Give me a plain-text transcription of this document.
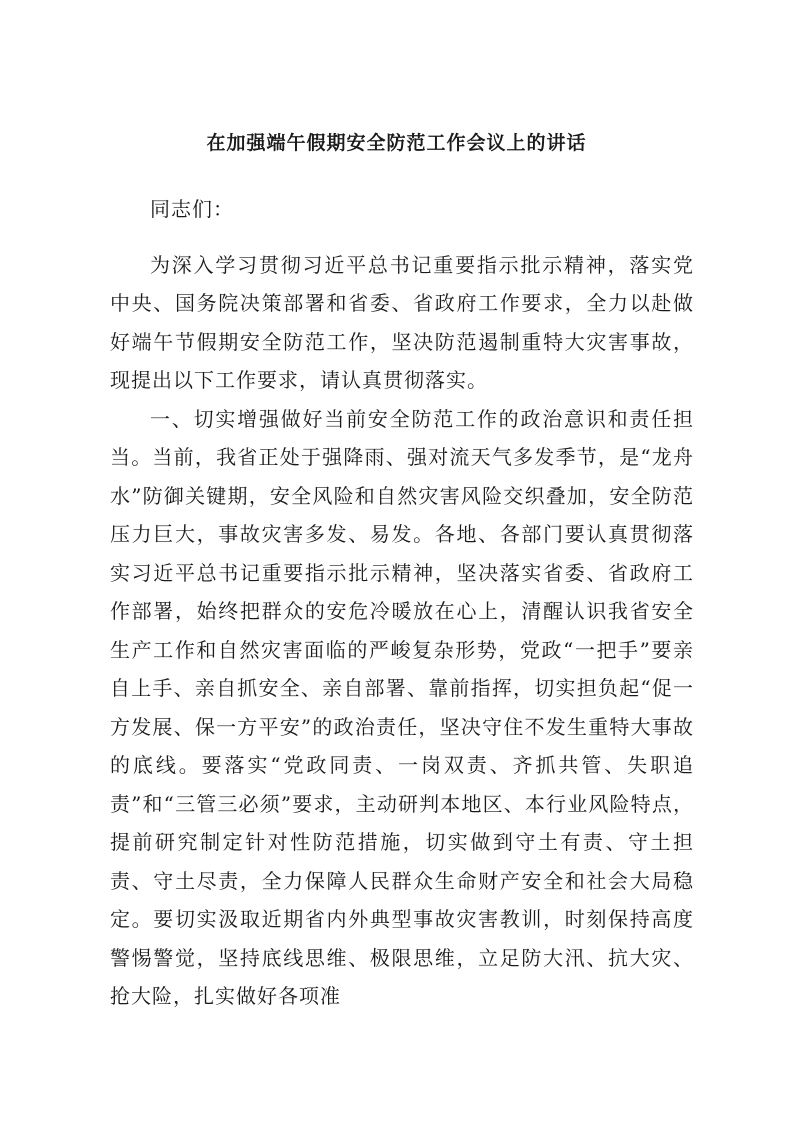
在加强端午假期安全防范工作会议上的讲话

同志们：

为深入学习贯彻习近平总书记重要指示批示精神，落实党中央、国务院决策部署和省委、省政府工作要求，全力以赴做好端午节假期安全防范工作，坚决防范遏制重特大灾害事故，现提出以下工作要求，请认真贯彻落实。

一、切实增强做好当前安全防范工作的政治意识和责任担当。当前，我省正处于强降雨、强对流天气多发季节，是“龙舟水”防御关键期，安全风险和自然灾害风险交织叠加，安全防范压力巨大，事故灾害多发、易发。各地、各部门要认真贯彻落实习近平总书记重要指示批示精神，坚决落实省委、省政府工作部署，始终把群众的安危冷暖放在心上，清醒认识我省安全生产工作和自然灾害面临的严峻复杂形势，党政“一把手”要亲自上手、亲自抓安全、亲自部署、靠前指挥，切实担负起“促一方发展、保一方平安”的政治责任，坚决守住不发生重特大事故的底线。要落实“党政同责、一岗双责、齐抓共管、失职追责”和“三管三必须”要求，主动研判本地区、本行业风险特点，提前研究制定针对性防范措施，切实做到守土有责、守土担责、守土尽责，全力保障人民群众生命财产安全和社会大局稳定。要切实汲取近期省内外典型事故灾害教训，时刻保持高度警惕警觉，坚持底线思维、极限思维，立足防大汛、抗大灾、抢大险，扎实做好各项准
